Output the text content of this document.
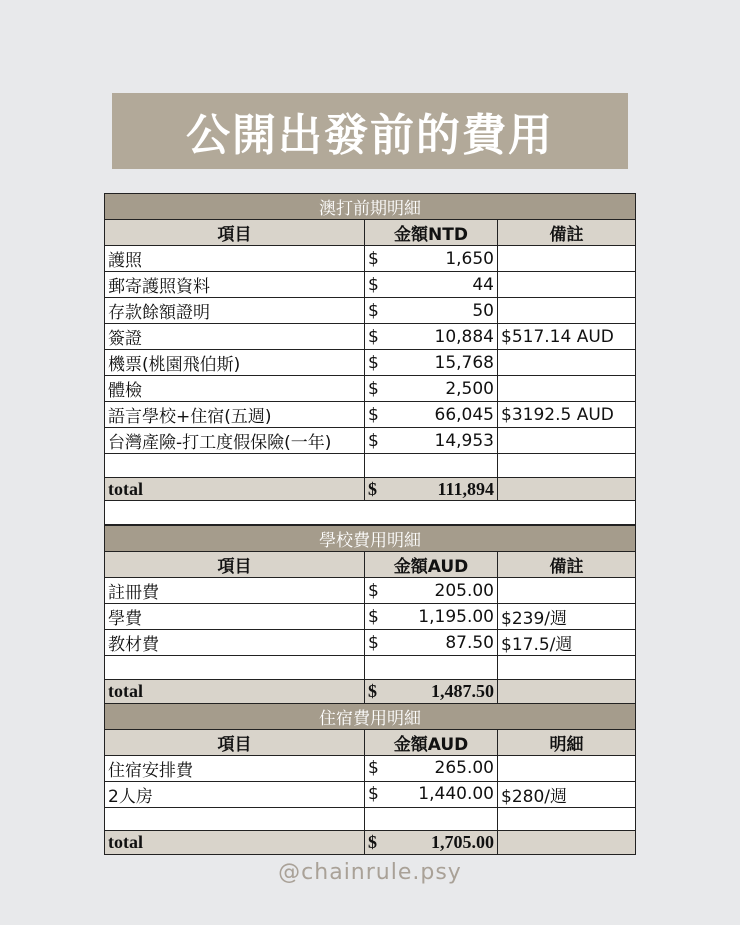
公開出發前的費用
澳打前期明細		
項目	金額NTD	備註
護照	$ 1,650	

郵寄護照資料	$ 44	

存款餘額證明	$ 50	

簽證	$ 10,884	$517.14 AUD
機票(桃園飛伯斯)	$ 15,768	

體檢	$ 2,500	

語言學校+住宿(五週)	$ 66,045	$3192.5 AUD
台灣產險-打工度假保險(一年)	$ 14,953	

total	$ 111,894	

學校費用明細		
項目	金額AUD	備註
註冊費	$ 205.00	

學費	$ 1,195.00	$239/週
教材費	$ 87.50	$17.5/週

total	$ 1,487.50	

住宿費用明細		
項目	金額AUD	明細
住宿安排費	$ 265.00	

2人房	$ 1,440.00	$280/週

total	$ 1,705.00	

@chainrule.psy
